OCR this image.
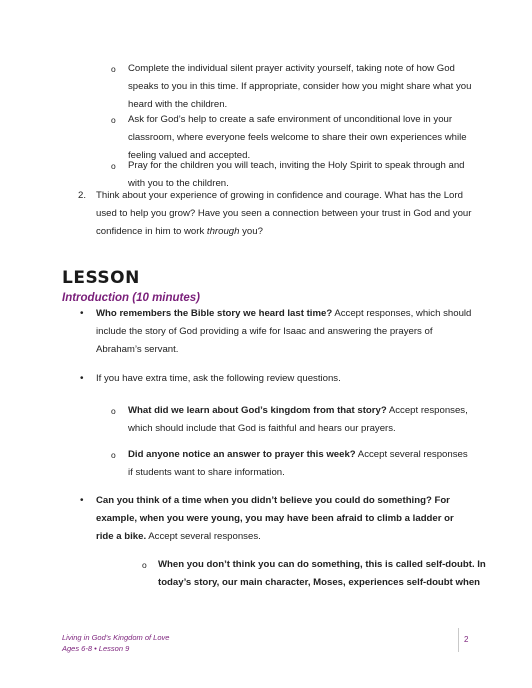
o Complete the individual silent prayer activity yourself, taking note of how God
speaks to you in this time. If appropriate, consider how you might share what you
heard with the children.
o Ask for God’s help to create a safe environment of unconditional love in your
classroom, where everyone feels welcome to share their own experiences while
feeling valued and accepted.
o Pray for the children you will teach, inviting the Holy Spirit to speak through and
with you to the children.
2. Think about your experience of growing in confidence and courage. What has the Lord
used to help you grow? Have you seen a connection between your trust in God and your
confidence in him to work through you?
LESSON
Introduction (10 minutes)
• Who remembers the Bible story we heard last time? Accept responses, which should
include the story of God providing a wife for Isaac and answering the prayers of
Abraham’s servant.
• If you have extra time, ask the following review questions.
o What did we learn about God’s kingdom from that story? Accept responses,
which should include that God is faithful and hears our prayers.
o Did anyone notice an answer to prayer this week? Accept several responses
if students want to share information.
• Can you think of a time when you didn’t believe you could do something? For
example, when you were young, you may have been afraid to climb a ladder or
ride a bike. Accept several responses.
o When you don’t think you can do something, this is called self-doubt. In
today’s story, our main character, Moses, experiences self-doubt when
Living in God’s Kingdom of Love
Ages 6-8 • Lesson 9
2
